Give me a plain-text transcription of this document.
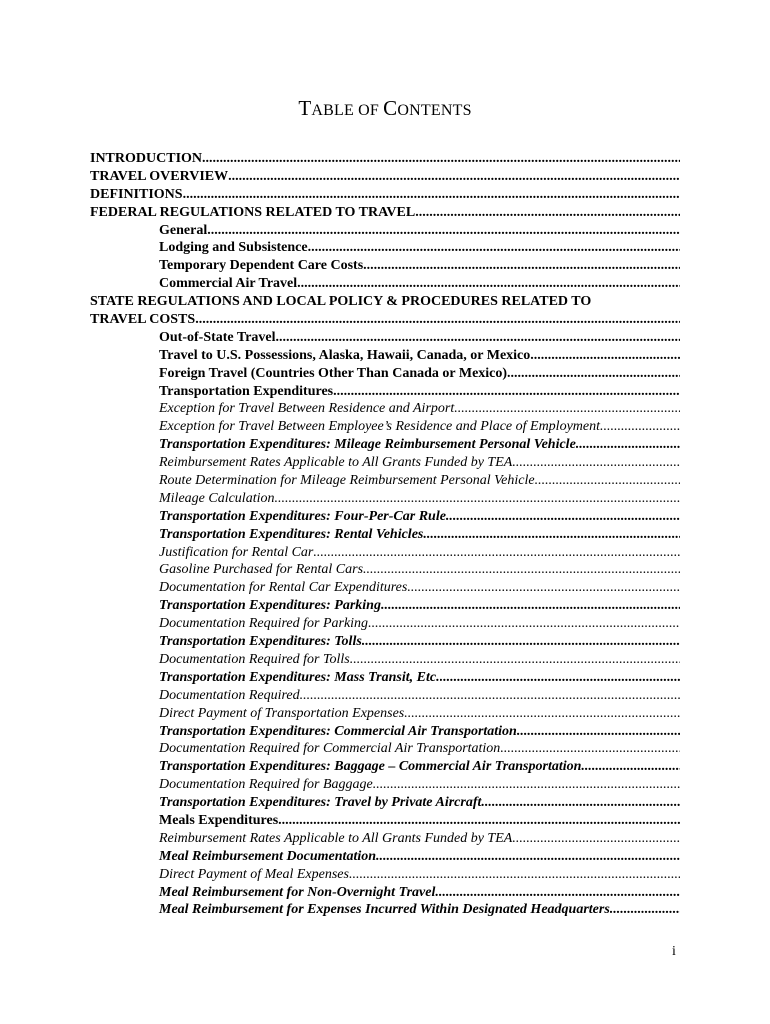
TABLE OF CONTENTS
INTRODUCTION
.....
TRAVEL OVERVIEW
.....
DEFINITIONS
.....
FEDERAL REGULATIONS RELATED TO TRAVEL
.....
General
.....
Lodging and Subsistence
.....
Temporary Dependent Care Costs
.....
Commercial Air Travel
.....
STATE REGULATIONS AND LOCAL POLICY & PROCEDURES RELATED TO
TRAVEL COSTS
.....
Out-of-State Travel
.....
Travel to U.S. Possessions, Alaska, Hawaii, Canada, or Mexico
.....
Foreign Travel (Countries Other Than Canada or Mexico)
.....
Transportation Expenditures
.....
Exception for Travel Between Residence and Airport
.....
Exception for Travel Between Employee’s Residence and Place of Employment
.....
Transportation Expenditures: Mileage Reimbursement Personal Vehicle
.....
Reimbursement Rates Applicable to All Grants Funded by TEA
.....
Route Determination for Mileage Reimbursement Personal Vehicle
.....
Mileage Calculation
.....
Transportation Expenditures: Four-Per-Car Rule
.....
Transportation Expenditures: Rental Vehicles
.....
Justification for Rental Car
.....
Gasoline Purchased for Rental Cars
.....
Documentation for Rental Car Expenditures
.....
Transportation Expenditures: Parking
.....
Documentation Required for Parking
.....
Transportation Expenditures: Tolls
.....
Documentation Required for Tolls
.....
Transportation Expenditures: Mass Transit, Etc.
.....
Documentation Required
.....
Direct Payment of Transportation Expenses
.....
Transportation Expenditures: Commercial Air Transportation
.....
Documentation Required for Commercial Air Transportation
.....
Transportation Expenditures: Baggage – Commercial Air Transportation
.....
Documentation Required for Baggage
.....
Transportation Expenditures: Travel by Private Aircraft
.....
Meals Expenditures
.....
Reimbursement Rates Applicable to All Grants Funded by TEA
.....
Meal Reimbursement Documentation
.....
Direct Payment of Meal Expenses
.....
Meal Reimbursement for Non-Overnight Travel
.....
Meal Reimbursement for Expenses Incurred Within Designated Headquarters
.....
i
